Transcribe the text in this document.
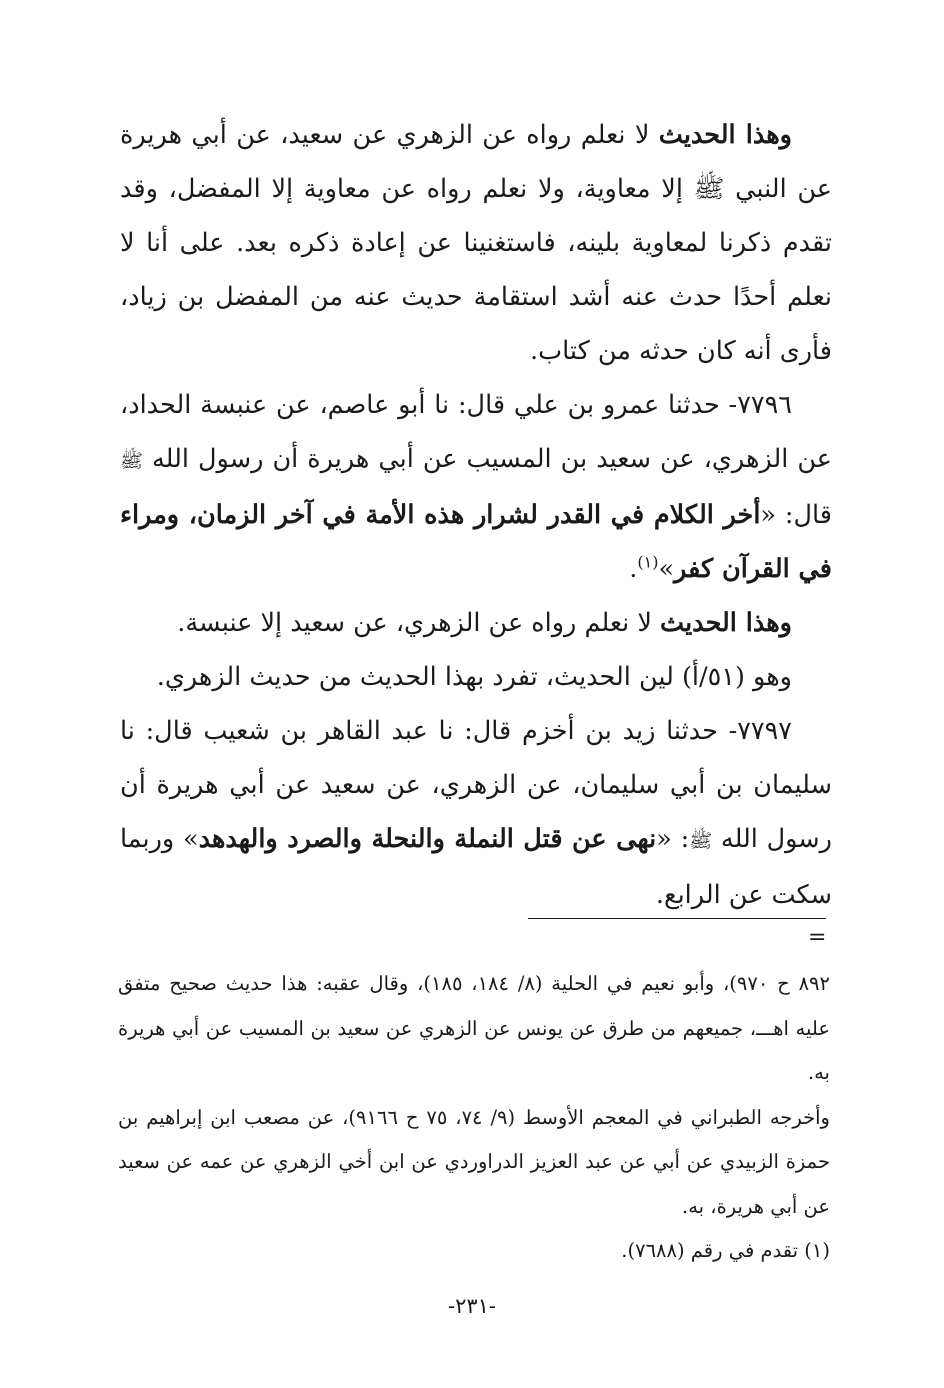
وهذا الحديث لا نعلم رواه عن الزهري عن سعيد، عن أبي هريرة عن النبي ﷺ إلا معاوية، ولا نعلم رواه عن معاوية إلا المفضل، وقد تقدم ذكرنا لمعاوية بلينه، فاستغنينا عن إعادة ذكره بعد. على أنا لا نعلم أحدًا حدث عنه أشد استقامة حديث عنه من المفضل بن زياد، فأرى أنه كان حدثه من كتاب.

٧٧٩٦- حدثنا عمرو بن علي قال: نا أبو عاصم، عن عنبسة الحداد، عن الزهري، عن سعيد بن المسيب عن أبي هريرة أن رسول الله ﷺ قال: «أخر الكلام في القدر لشرار هذه الأمة في آخر الزمان، ومراء في القرآن كفر»$^{(١)}$.

وهذا الحديث لا نعلم رواه عن الزهري، عن سعيد إلا عنبسة.

وهو (٥١/أ) لين الحديث، تفرد بهذا الحديث من حديث الزهري.

٧٧٩٧- حدثنا زيد بن أخزم قال: نا عبد القاهر بن شعيب قال: نا سليمان بن أبي سليمان، عن الزهري، عن سعيد عن أبي هريرة أن رسول الله ﷺ: «نهى عن قتل النملة والنحلة والصرد والهدهد» وربما سكت عن الرابع.

=

٨٩٢ ح ٩٧٠)، وأبو نعيم في الحلية (٨/ ١٨٤، ١٨٥)، وقال عقبه: هذا حديث صحيح متفق عليه اهـــ، جميعهم من طرق عن يونس عن الزهري عن سعيد بن المسيب عن أبي هريرة به.

وأخرجه الطبراني في المعجم الأوسط (٩/ ٧٤، ٧٥ ح ٩١٦٦)، عن مصعب ابن إبراهيم بن حمزة الزبيدي عن أبي عن عبد العزيز الدراوردي عن ابن أخي الزهري عن عمه عن سعيد عن أبي هريرة، به.

(١) تقدم في رقم (٧٦٨٨).

-٢٣١-
